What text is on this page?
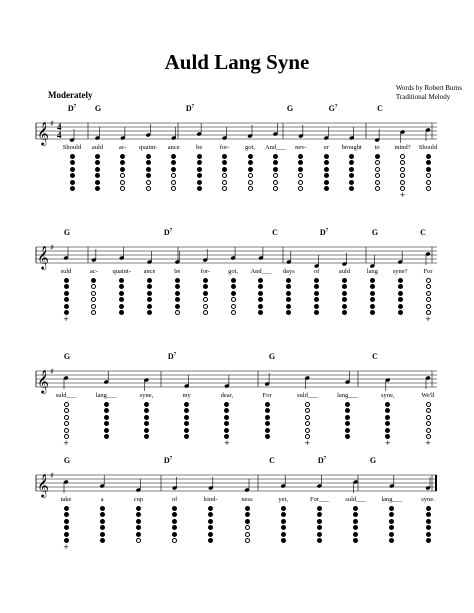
Auld Lang Syne
Words by Robert Burns
Traditional Melody
Moderately
$D^7$ G	$D^7$	G	$G^7$	C
𝄞 ♯ 4
4
Should auld ac- quaint- ance	be	for- got, And___ nev-	er brought to mind?
+
Should
G	$D^7$	C	$D^7$	G	C
𝄞 ♯
suld
+
ac- quaint- ance	be	for-	got, And___ days	of	auld	lang syne? For
+
G	$D^7$	G	C
𝄞 ♯
suld___
+
lang___	syne,	my	dear,
+
For	suld___
+
lang___	syne,
+
We'll
+
G	$D^7$	C	$D^7$	G
𝄞 ♯
take
+
a	cup	of	kind-	ness	yet,	For___	suld___ lang___	syne.
